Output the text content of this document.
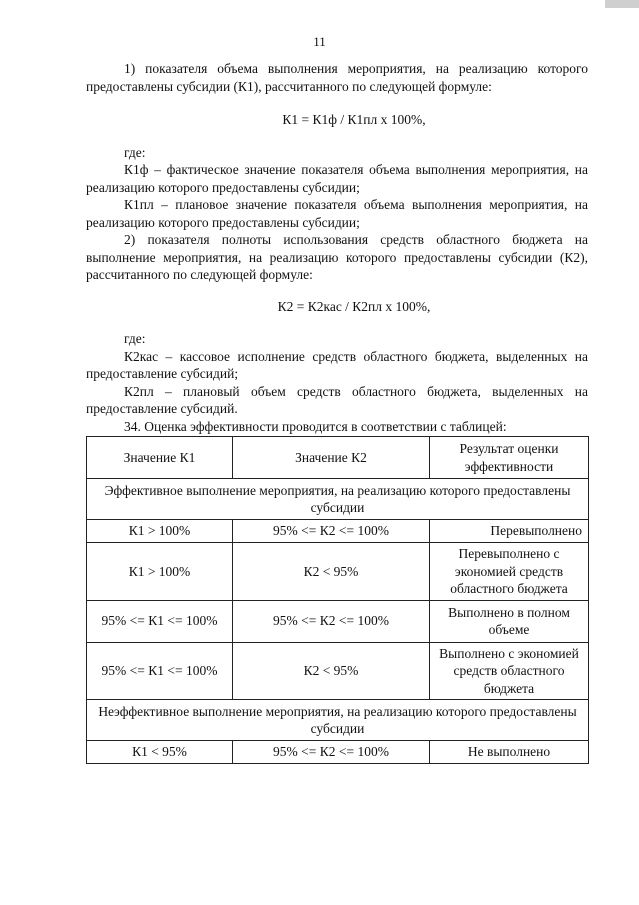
11

1) показателя объема выполнения мероприятия, на реализацию которого предоставлены субсидии (К1), рассчитанного по следующей формуле:

К1 = К1ф / К1пл х 100%,

где:

К1ф – фактическое значение показателя объема выполнения мероприятия, на реализацию которого предоставлены субсидии;

К1пл – плановое значение показателя объема выполнения мероприятия, на реализацию которого предоставлены субсидии;

2) показателя полноты использования средств областного бюджета на выполнение мероприятия, на реализацию которого предоставлены субсидии (К2), рассчитанного по следующей формуле:

К2 = К2кас / К2пл х 100%,

где:

К2кас – кассовое исполнение средств областного бюджета, выделенных на предоставление субсидий;

К2пл – плановый объем средств областного бюджета, выделенных на предоставление субсидий.

34. Оценка эффективности проводится в соответствии с таблицей:

Значение К1	Значение К2	Результат оценки эффективности
Эффективное выполнение мероприятия, на реализацию которого предоставлены субсидии		
К1 > 100%	95% <= К2 <= 100%	Перевыполнено
К1 > 100%	К2 < 95%	Перевыполнено с экономией средств областного бюджета
95% <= К1 <= 100%	95% <= К2 <= 100%	Выполнено в полном объеме
95% <= К1 <= 100%	К2 < 95%	Выполнено с экономией средств областного бюджета
Неэффективное выполнение мероприятия, на реализацию которого предоставлены субсидии		
К1 < 95%	95% <= К2 <= 100%	Не выполнено
